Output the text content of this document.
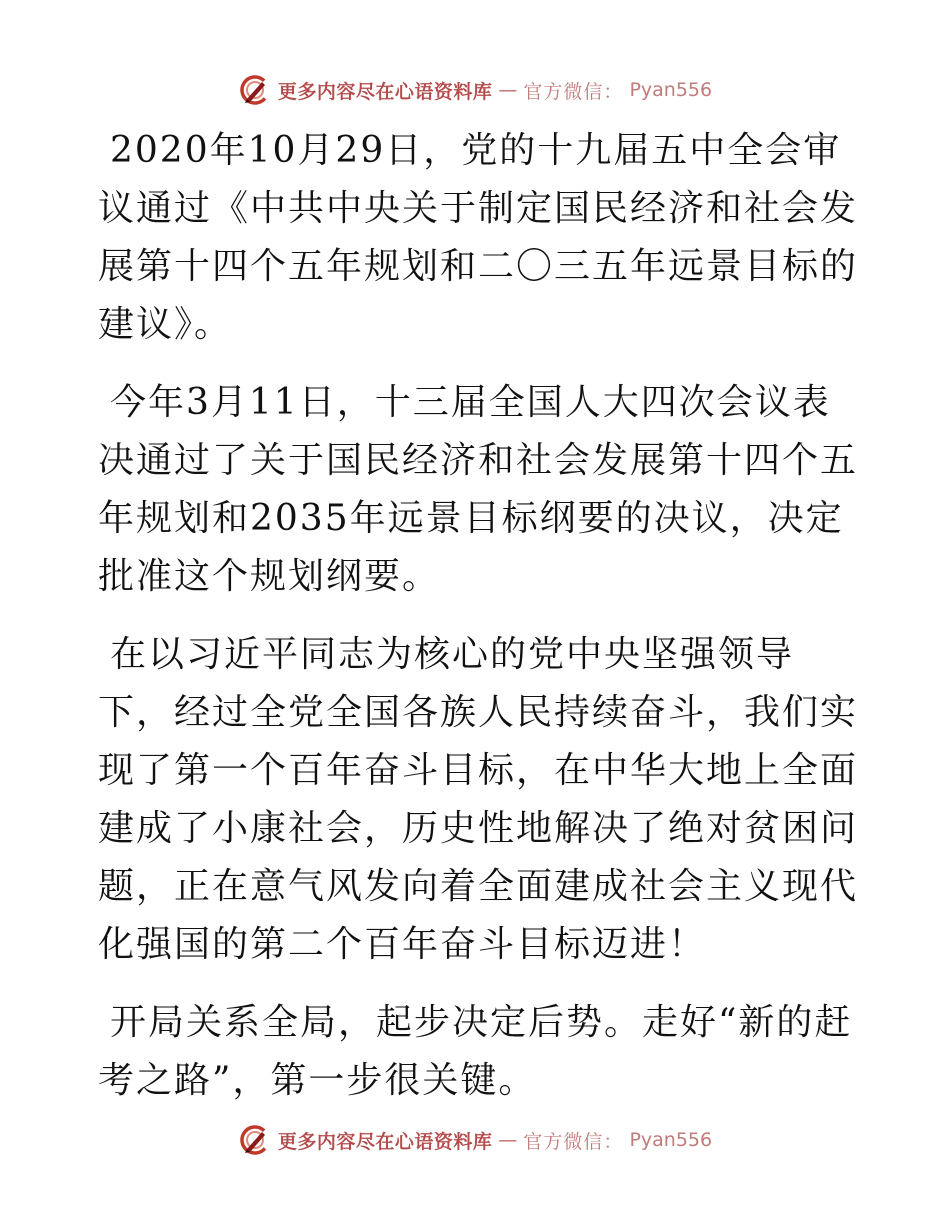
更多内容尽在心语资料库 — 官方微信： Pyan556

2020年10月29日，党的十九届五中全会审议通过《中共中央关于制定国民经济和社会发展第十四个五年规划和二〇三五年远景目标的建议》。

今年3月11日，十三届全国人大四次会议表决通过了关于国民经济和社会发展第十四个五年规划和2035年远景目标纲要的决议，决定批准这个规划纲要。

在以习近平同志为核心的党中央坚强领导下，经过全党全国各族人民持续奋斗，我们实现了第一个百年奋斗目标，在中华大地上全面建成了小康社会，历史性地解决了绝对贫困问题，正在意气风发向着全面建成社会主义现代化强国的第二个百年奋斗目标迈进！

开局关系全局，起步决定后势。走好“新的赶考之路”，第一步很关键。

更多内容尽在心语资料库 — 官方微信： Pyan556
